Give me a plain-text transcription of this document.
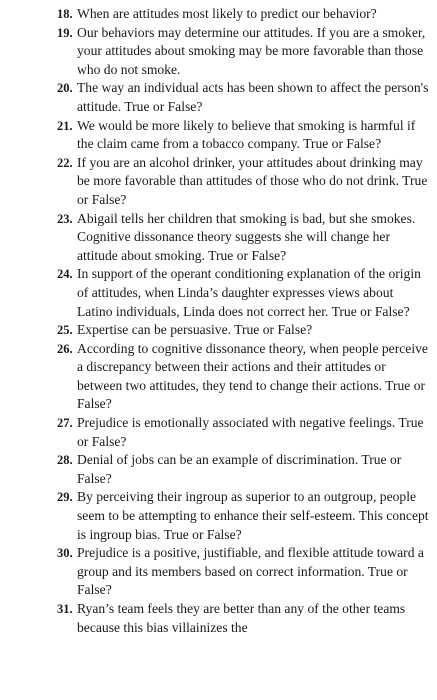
18. When are attitudes most likely to predict our behavior?
19. Our behaviors may determine our attitudes. If you are a smoker, your attitudes about smoking may be more favorable than those who do not smoke.
20. The way an individual acts has been shown to affect the person's attitude. True or False?
21. We would be more likely to believe that smoking is harmful if the claim came from a tobacco company. True or False?
22. If you are an alcohol drinker, your attitudes about drinking may be more favorable than attitudes of those who do not drink. True or False?
23. Abigail tells her children that smoking is bad, but she smokes. Cognitive dissonance theory suggests she will change her attitude about smoking. True or False?
24. In support of the operant conditioning explanation of the origin of attitudes, when Linda’s daughter expresses views about Latino individuals, Linda does not correct her. True or False?
25. Expertise can be persuasive. True or False?
26. According to cognitive dissonance theory, when people perceive a discrepancy between their actions and their attitudes or between two attitudes, they tend to change their actions. True or False?
27. Prejudice is emotionally associated with negative feelings. True or False?
28. Denial of jobs can be an example of discrimination. True or False?
29. By perceiving their ingroup as superior to an outgroup, people seem to be attempting to enhance their self-esteem. This concept is ingroup bias. True or False?
30. Prejudice is a positive, justifiable, and flexible attitude toward a group and its members based on correct information. True or False?
31. Ryan’s team feels they are better than any of the other teams because this bias villainizes the
